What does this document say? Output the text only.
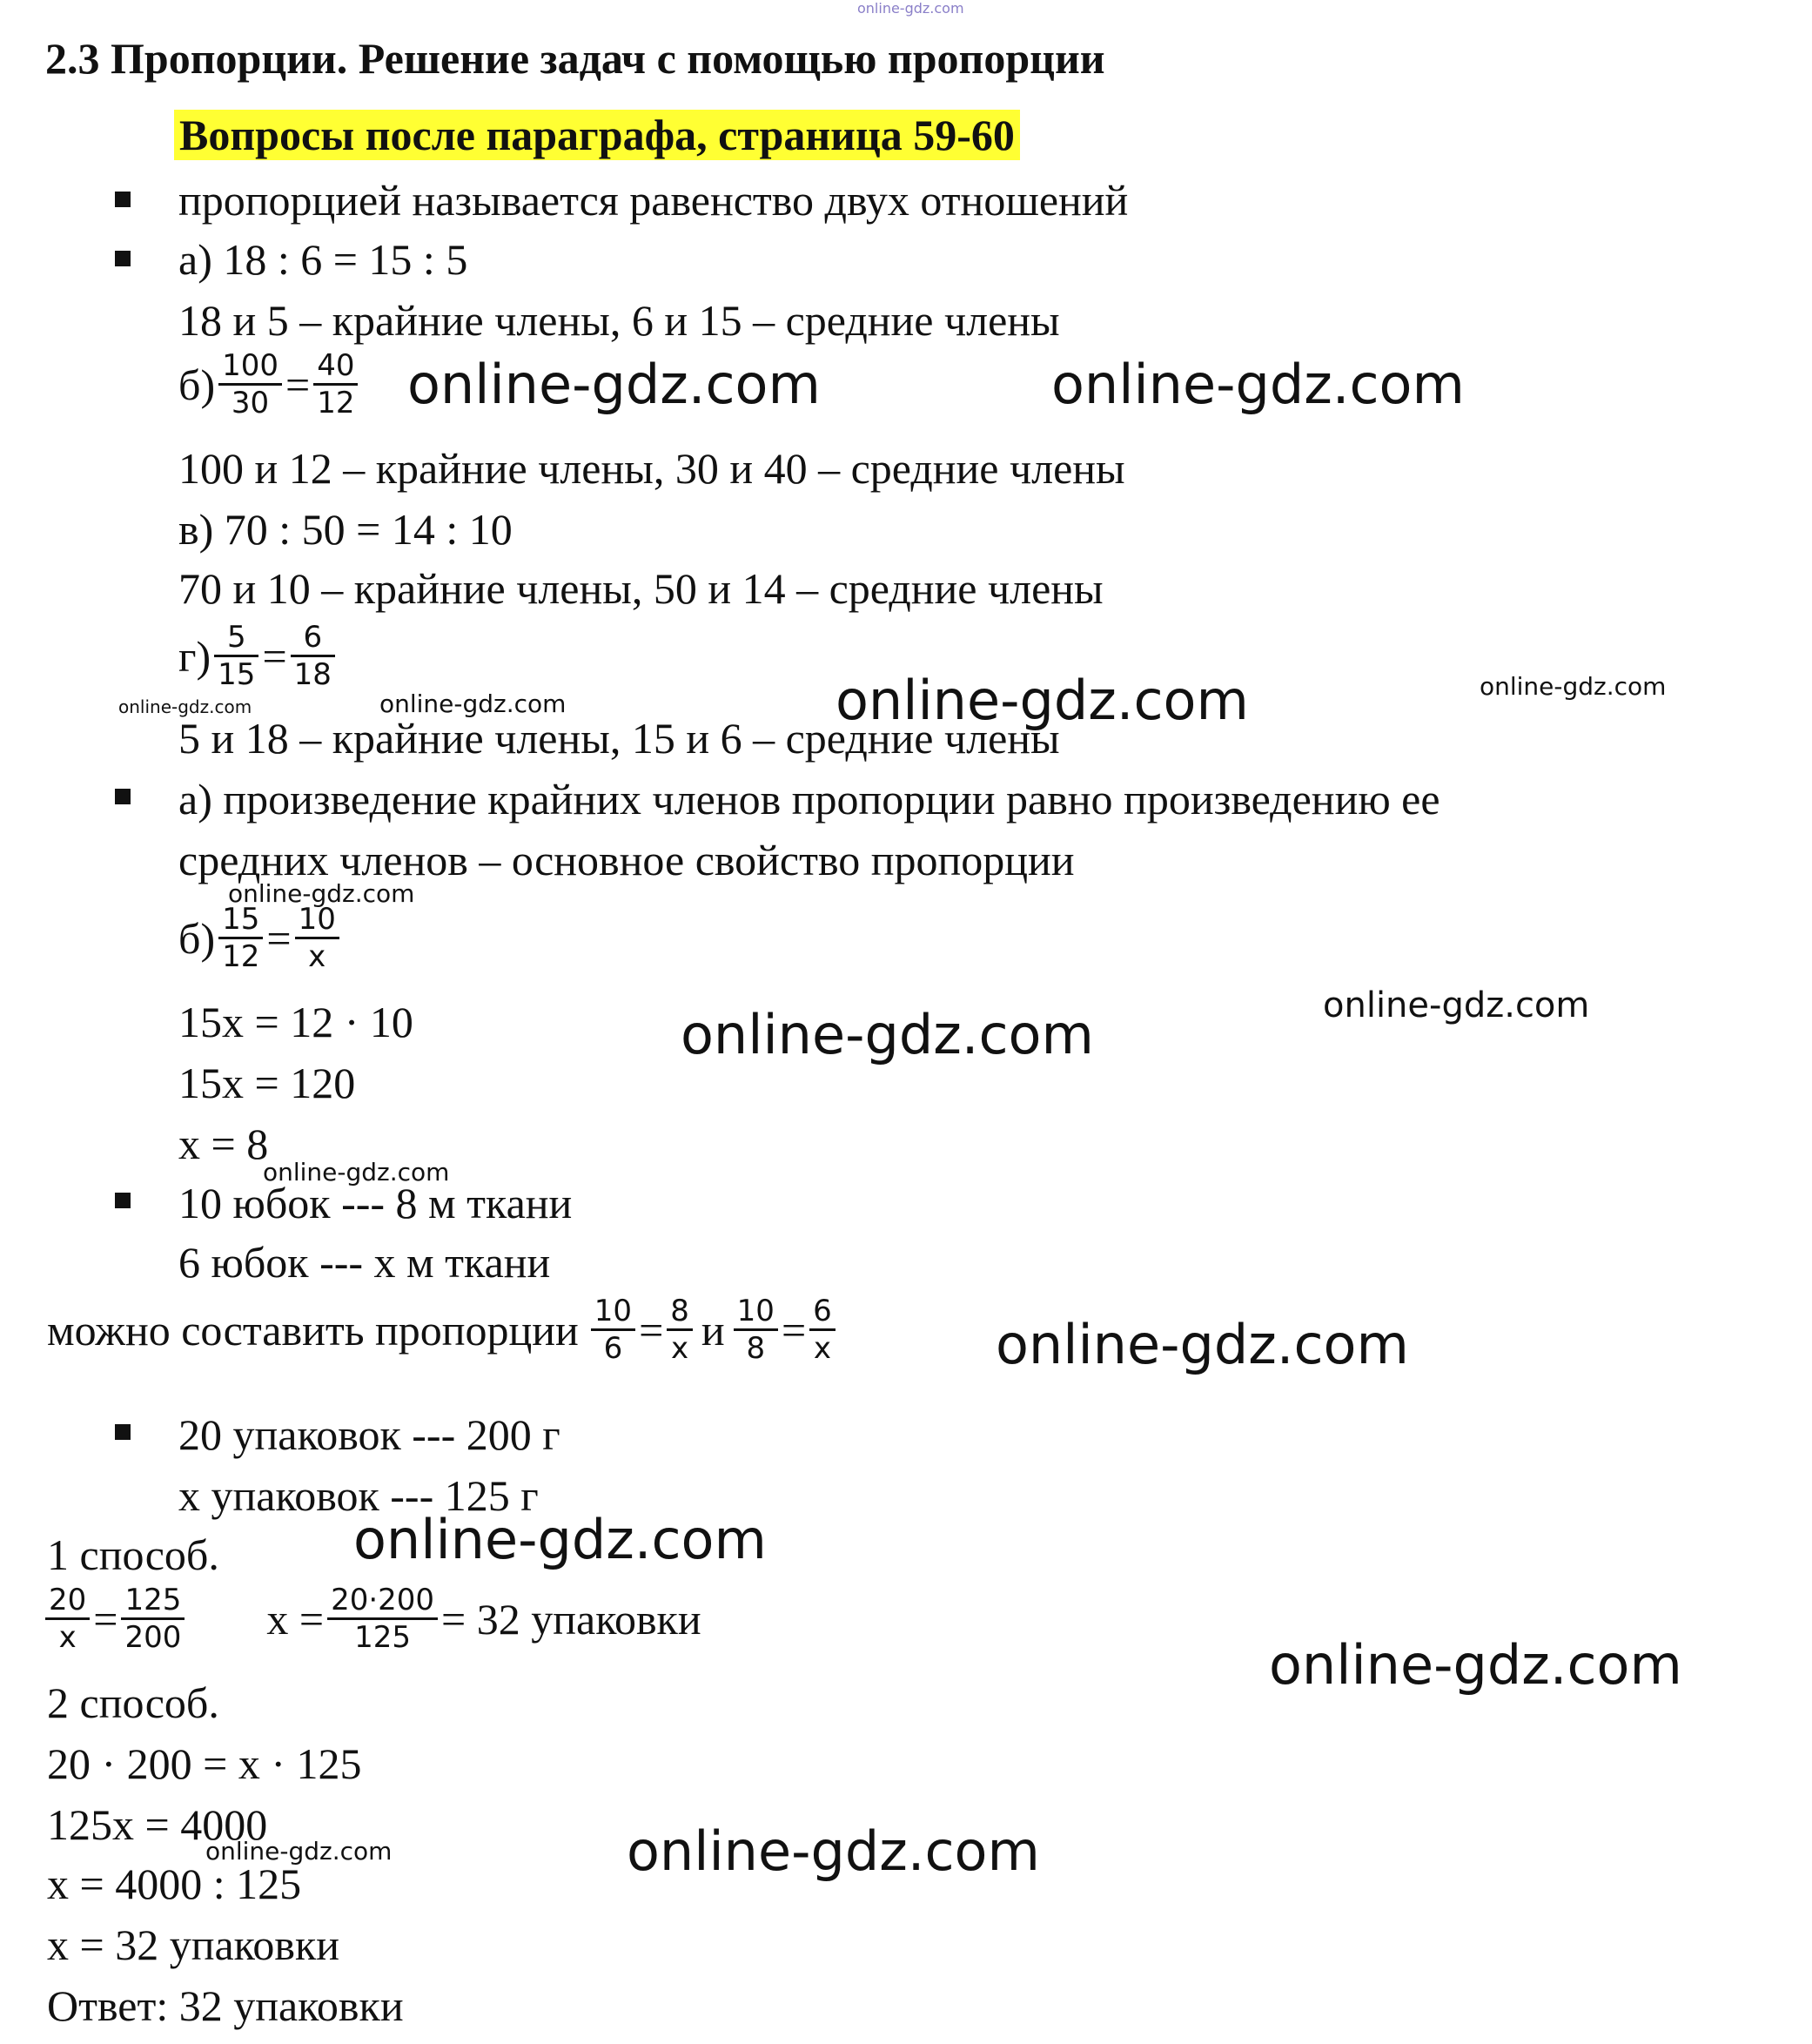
online-gdz.com
2.3 Пропорции. Решение задач с помощью пропорции
Вопросы после параграфа, страница 59-60
пропорцией называется равенство двух отношений
а) 18 : 6 = 15 : 5
18 и 5 – крайние члены, 6 и 15 – средние члены
$б) \frac{100}{30} = \frac{40}{12}$ online-gdz.com	online-gdz.com
100 и 12 – крайние члены, 30 и 40 – средние члены
в) 70 : 50 = 14 : 10
70 и 10 – крайние члены, 50 и 14 – средние члены
$г) \frac{5}{15} = \frac{6}{18}$
online-gdz.com	online-gdz.com	online-gdz.com	online-gdz.com
5 и 18 – крайние члены, 15 и 6 – средние члены
а) произведение крайних членов пропорции равно произведению ее
средних членов – основное свойство пропорции
online-gdz.com
$б) \frac{15}{12} = \frac{10}{x}$
15x = 12 · 10	online-gdz.com	online-gdz.com
15x = 120
x = 8
online-gdz.com
10 юбок --- 8 м ткани
6 юбок --- x м ткани
можно составить пропорции $\frac{10}{6} = \frac{8}{x}$ и $\frac{10}{8} = \frac{6}{x}$	online-gdz.com
20 упаковок --- 200 г
x упаковок --- 125 г
1 способ. online-gdz.com
$\frac{20}{x} = \frac{125}{200}$ $x = \frac{20\cdot 200}{125} = 32$ упаковки
online-gdz.com
2 способ.
20 · 200 = x · 125
125x = 4000
online-gdz.com	online-gdz.com
x = 4000 : 125
x = 32 упаковки
Ответ: 32 упаковки
